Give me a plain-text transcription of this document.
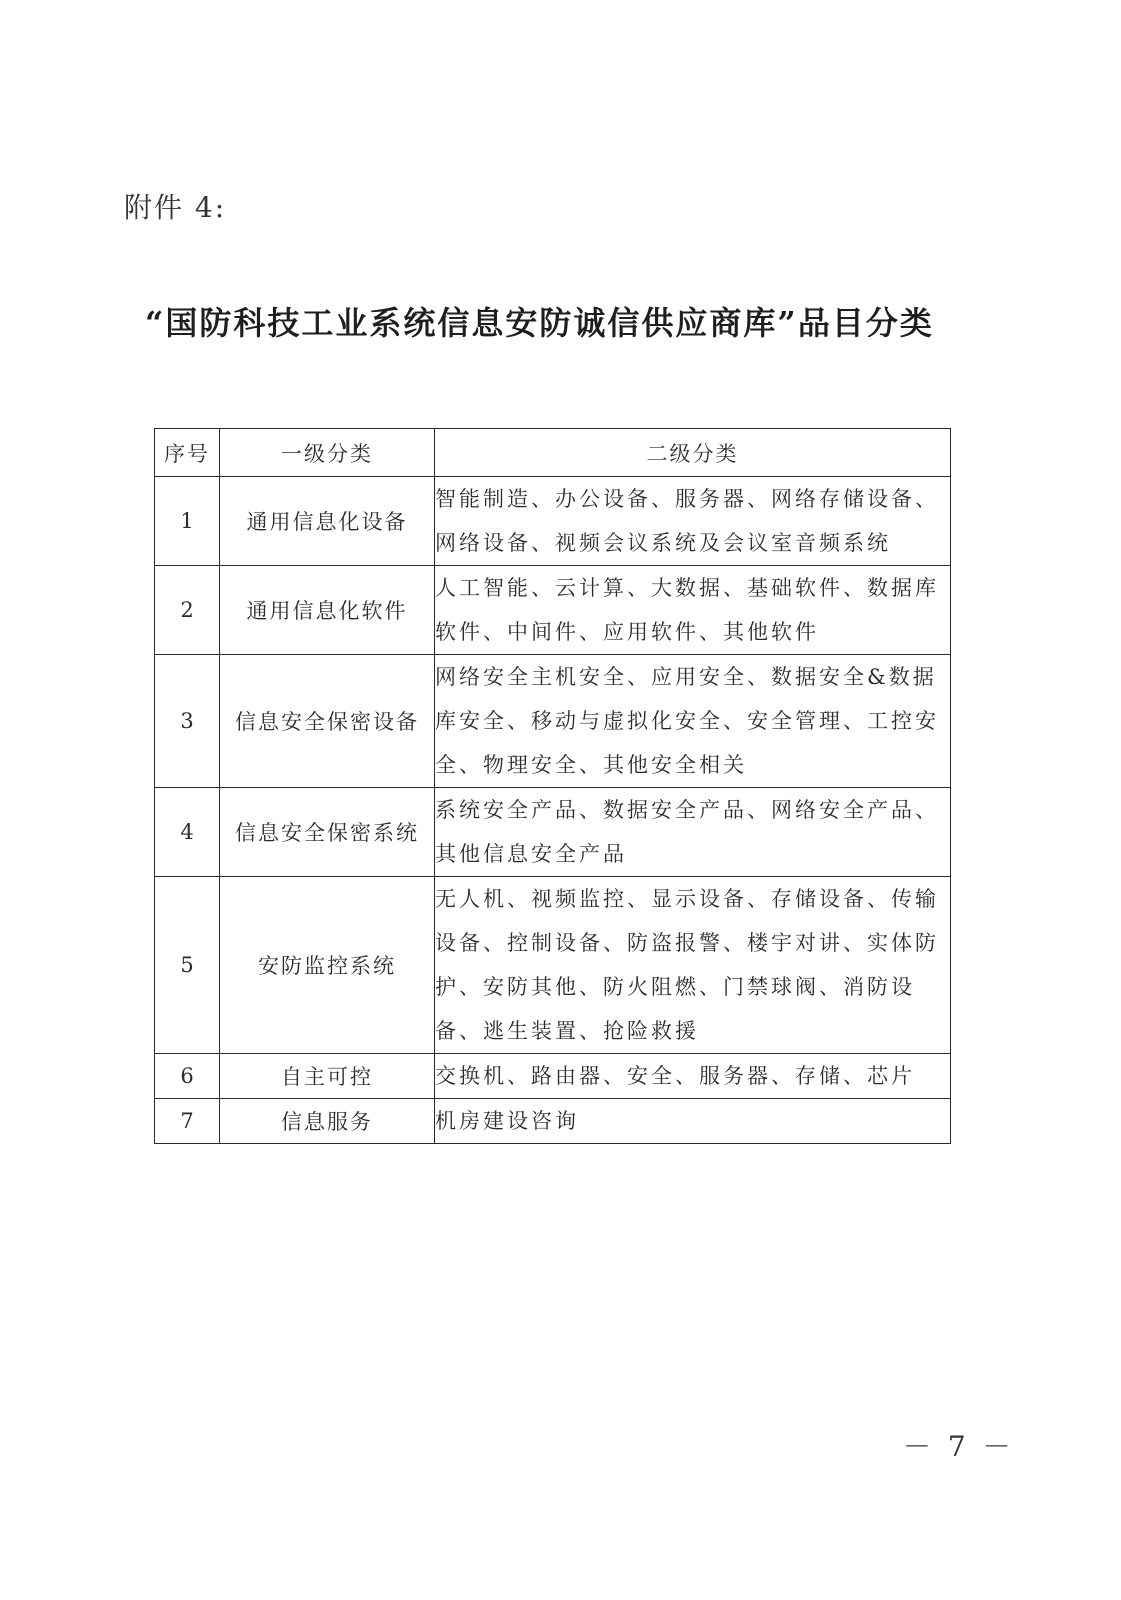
附件 4:
“国防科技工业系统信息安防诚信供应商库”品目分类
序号	一级分类	二级分类
1	通用信息化设备	智能制造、办公设备、服务器、网络存储设备、网络设备、视频会议系统及会议室音频系统
2	通用信息化软件	人工智能、云计算、大数据、基础软件、数据库软件、中间件、应用软件、其他软件
3	信息安全保密设备	网络安全主机安全、应用安全、数据安全&数据库安全、移动与虚拟化安全、安全管理、工控安全、物理安全、其他安全相关
4	信息安全保密系统	系统安全产品、数据安全产品、网络安全产品、其他信息安全产品
5	安防监控系统	无人机、视频监控、显示设备、存储设备、传输设备、控制设备、防盗报警、楼宇对讲、实体防护、安防其他、防火阻燃、门禁球阀、消防设备、逃生装置、抢险救援
6	自主可控	交换机、路由器、安全、服务器、存储、芯片
7	信息服务	机房建设咨询
－ 7 －
